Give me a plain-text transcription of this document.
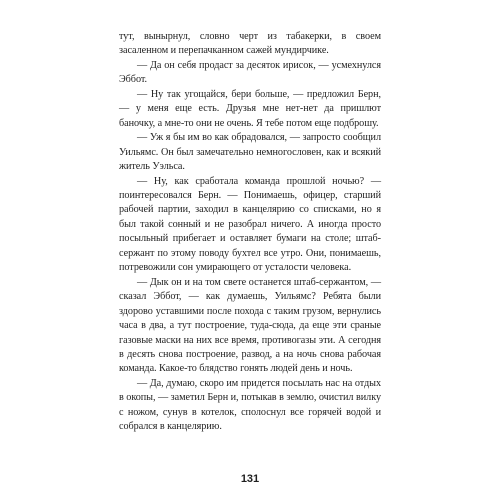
тут, вынырнул, словно черт из табакерки, в своем засаленном и перепачканном сажей мундирчике.

— Да он себя продаст за десяток ирисок, — усмехнулся Эббот.

— Ну так угощайся, бери больше, — предложил Берн, — у меня еще есть. Друзья мне нет-нет да пришлют баночку, а мне-то они не очень. Я тебе потом еще подброшу.

— Уж я бы им во как обрадовался, — запросто сообщил Уильямс. Он был замечательно немногословен, как и всякий житель Уэльса.

— Ну, как сработала команда прошлой ночью? — поинтересовался Берн. — Понимаешь, офицер, старший рабочей партии, заходил в канцелярию со списками, но я был такой сонный и не разобрал ничего. А иногда просто посыльный прибегает и оставляет бумаги на столе; штаб-сержант по этому поводу бухтел все утро. Они, понимаешь, потревожили сон умирающего от усталости человека.

— Дык он и на том свете останется штаб-сержантом, — сказал Эббот, — как думаешь, Уильямс? Ребята были здорово уставшими после похода с таким грузом, вернулись часа в два, а тут построение, туда-сюда, да еще эти сраные газовые маски на них все время, противогазы эти. А сегодня в десять снова построение, развод, а на ночь снова рабочая команда. Какое-то блядство гонять людей день и ночь.

— Да, думаю, скоро им придется посылать нас на отдых в окопы, — заметил Берн и, потыкав в землю, очистил вилку с ножом, сунув в котелок, сполоснул все горячей водой и собрался в канцелярию.

131
